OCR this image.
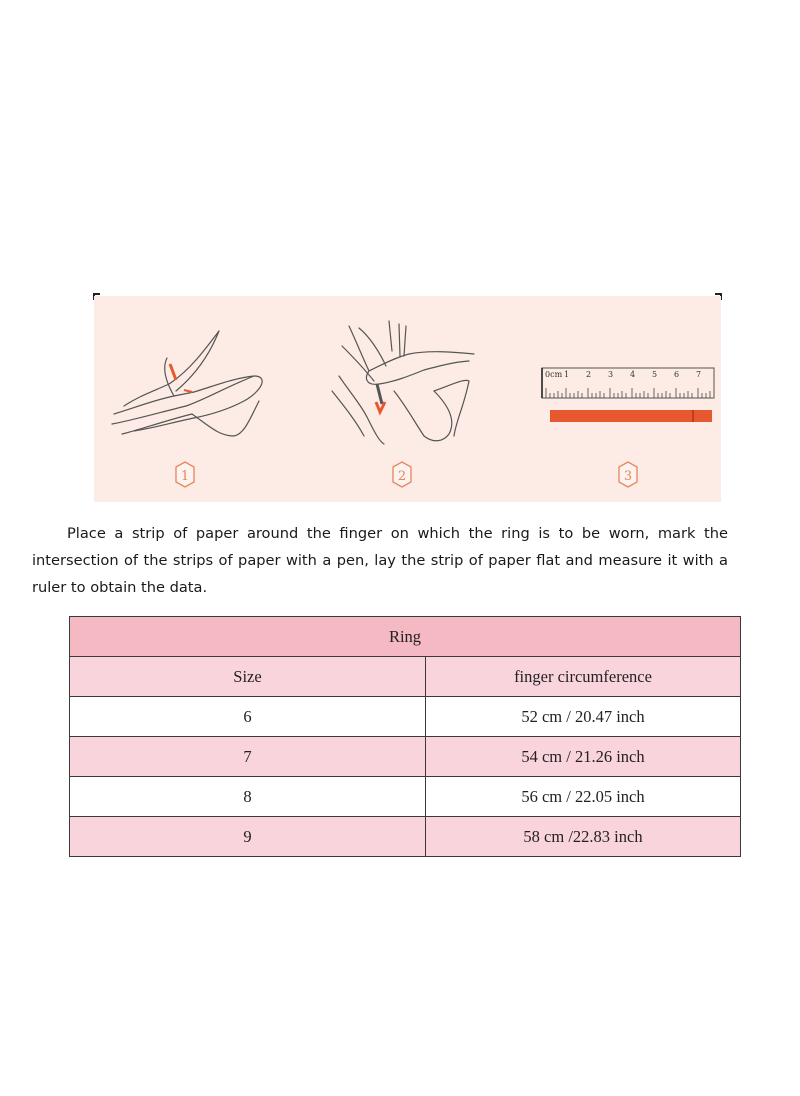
0cm 1 2 3 4 5 6 7
1	2	3

Place a strip of paper around the finger on which the ring is to be worn, mark the intersection of the strips of paper with a pen, lay the strip of paper flat and measure it with a ruler to obtain the data.

Ring	
Size	finger circumference
6	52 cm / 20.47 inch
7	54 cm / 21.26 inch
8	56 cm / 22.05 inch
9	58 cm /22.83 inch
